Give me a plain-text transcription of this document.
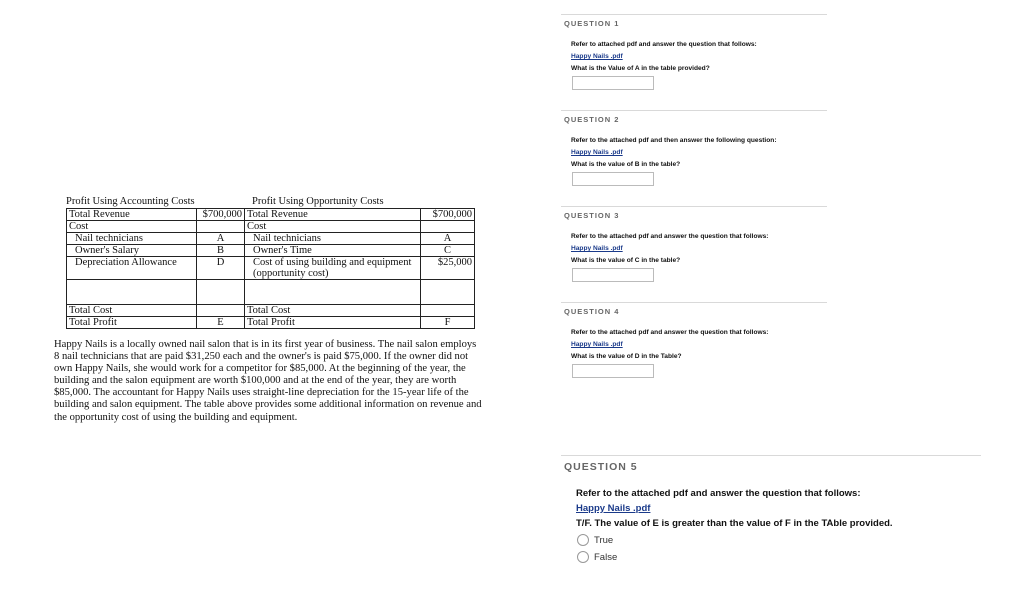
Profit Using Accounting Costs	Profit Using Opportunity Costs
Total Revenue	$700,000	Total Revenue	$700,000
Cost		Cost	
Nail technicians	A	Nail technicians	A
Owner's Salary	B	Owner's Time	C
Depreciation Allowance	D	Cost of using building and equipment (opportunity cost)	$25,000

Total Cost		Total Cost	
Total Profit	E	Total Profit	F
Happy Nails is a locally owned nail salon that is in its first year of business. The nail salon employs 8 nail technicians that are paid $31,250 each and the owner's is paid $75,000. If the owner did not own Happy Nails, she would work for a competitor for $85,000. At the beginning of the year, the building and the salon equipment are worth $100,000 and at the end of the year, they are worth $85,000. The accountant for Happy Nails uses straight-line depreciation for the 15-year life of the building and salon equipment. The table above provides some additional information on revenue and the opportunity cost of using the building and equipment.
QUESTION 1
Refer to attached pdf and answer the question that follows:
Happy Nails .pdf
What is the Value of A in the table provided?
QUESTION 2
Refer to the attached pdf and then answer the following question:
Happy Nails .pdf
What is the value of B in the table?
QUESTION 3
Refer to the attached pdf and answer the question that follows:
Happy Nails .pdf
What is the value of C in the table?
QUESTION 4
Refer to the attached pdf and answer the question that follows:
Happy Nails .pdf
What is the value of D in the Table?
QUESTION 5
Refer to the attached pdf and answer the question that follows:
Happy Nails .pdf
T/F. The value of E is greater than the value of F in the TAble provided.
True
False
